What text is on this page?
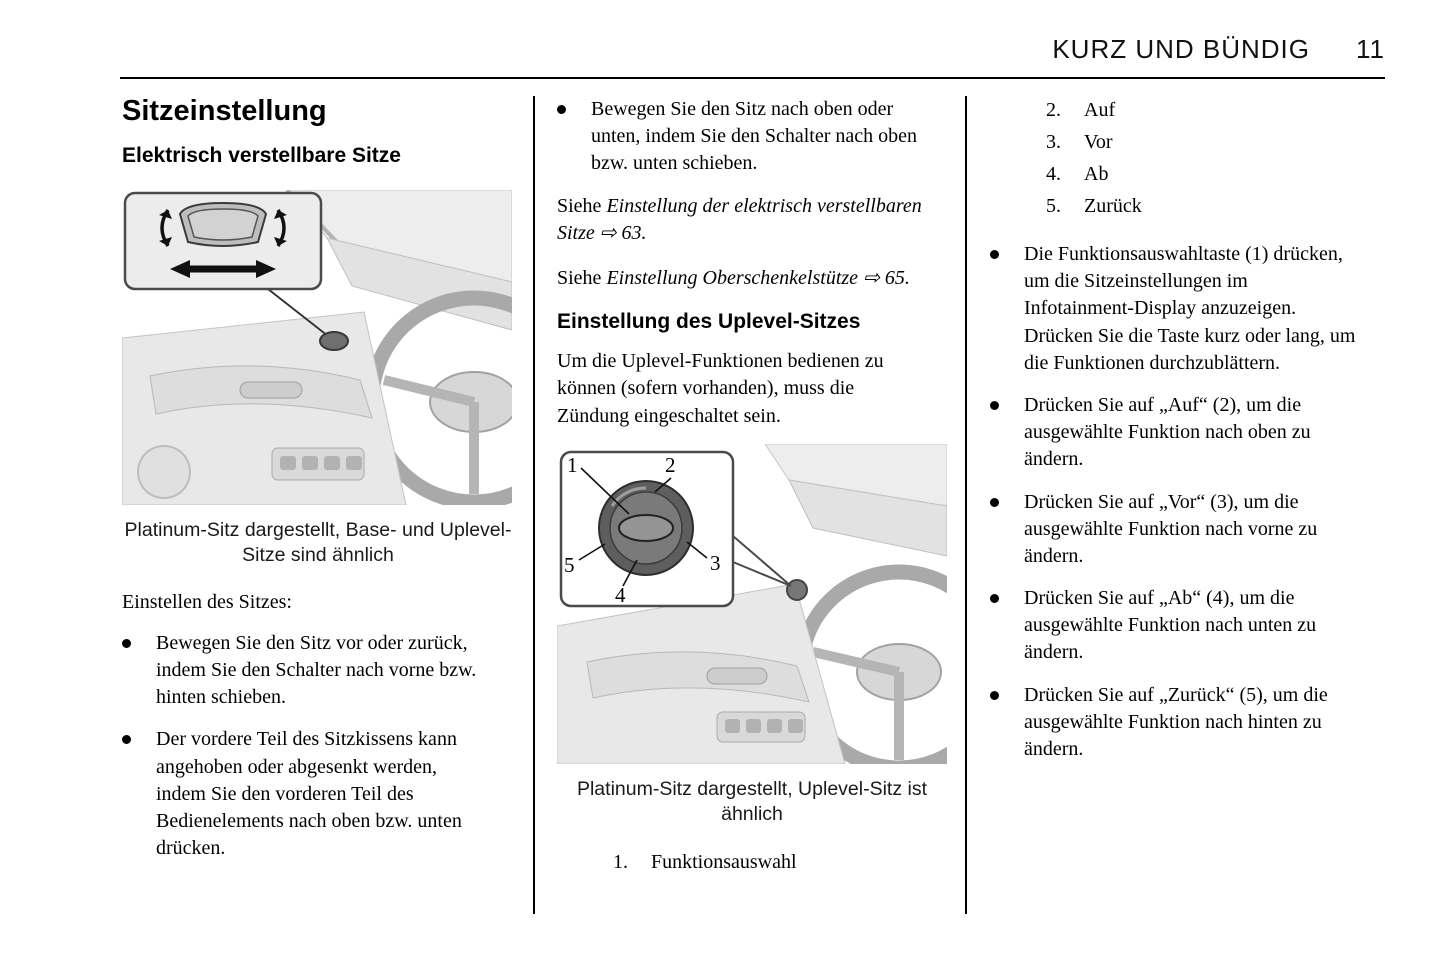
KURZ UND BÜNDIG 11
Sitzeinstellung
Elektrisch verstellbare Sitze

Platinum-Sitz dargestellt, Base- und Uplevel-Sitze sind ähnlich

Einstellen des Sitzes:

Bewegen Sie den Sitz vor oder zurück, indem Sie den Schalter nach vorne bzw. hinten schieben.
Der vordere Teil des Sitzkissens kann angehoben oder abgesenkt werden, indem Sie den vorderen Teil des Bedienelements nach oben bzw. unten drücken.
Bewegen Sie den Sitz nach oben oder unten, indem Sie den Schalter nach oben bzw. unten schieben.

Siehe Einstellung der elektrisch verstellbaren Sitze ⇨ 63.

Siehe Einstellung Oberschenkelstütze ⇨ 65.

Einstellung des Uplevel-Sitzes

Um die Uplevel-Funktionen bedienen zu können (sofern vorhanden), muss die Zündung eingeschaltet sein.

1	2
3
4
5

Platinum-Sitz dargestellt, Uplevel-Sitz ist ähnlich

1.	Funktionsauswahl
2.	Auf
3.	Vor
4.	Ab
5.	Zurück
Die Funktionsauswahltaste (1) drücken, um die Sitzeinstellungen im Infotainment-Display anzuzeigen. Drücken Sie die Taste kurz oder lang, um die Funktionen durchzublättern.
Drücken Sie auf „Auf“ (2), um die ausgewählte Funktion nach oben zu ändern.
Drücken Sie auf „Vor“ (3), um die ausgewählte Funktion nach vorne zu ändern.
Drücken Sie auf „Ab“ (4), um die ausgewählte Funktion nach unten zu ändern.
Drücken Sie auf „Zurück“ (5), um die ausgewählte Funktion nach hinten zu ändern.
